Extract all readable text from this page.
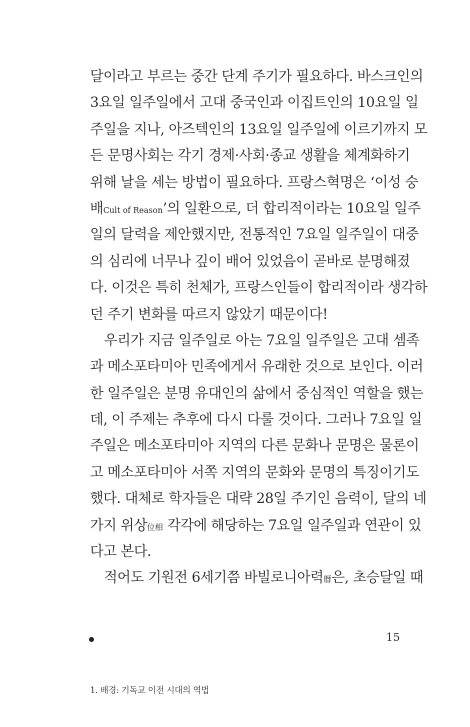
달이라고 부르는 중간 단계 주기가 필요하다. 바스크인의
3요일 일주일에서 고대 중국인과 이집트인의 10요일 일
주일을 지나, 아즈텍인의 13요일 일주일에 이르기까지 모
든 문명사회는 각기 경제·사회·종교 생활을 체계화하기
위해 날을 세는 방법이 필요하다. 프랑스혁명은 ‘이성 숭
배Cult of Reason’의 일환으로, 더 합리적이라는 10요일 일주
일의 달력을 제안했지만, 전통적인 7요일 일주일이 대중
의 심리에 너무나 깊이 배어 있었음이 곧바로 분명해졌
다. 이것은 특히 천체가, 프랑스인들이 합리적이라 생각하
던 주기 변화를 따르지 않았기 때문이다!
우리가 지금 일주일로 아는 7요일 일주일은 고대 셈족
과 메소포타미아 민족에게서 유래한 것으로 보인다. 이러
한 일주일은 분명 유대인의 삶에서 중심적인 역할을 했는
데, 이 주제는 추후에 다시 다룰 것이다. 그러나 7요일 일
주일은 메소포타미아 지역의 다른 문화나 문명은 물론이
고 메소포타미아 서쪽 지역의 문화와 문명의 특징이기도
했다. 대체로 학자들은 대략 28일 주기인 음력이, 달의 네
가지 위상位相 각각에 해당하는 7요일 일주일과 연관이 있
다고 본다.
적어도 기원전 6세기쯤 바빌로니아력曆은, 초승달일 때
15
1. 배경: 기독교 이전 시대의 역법
